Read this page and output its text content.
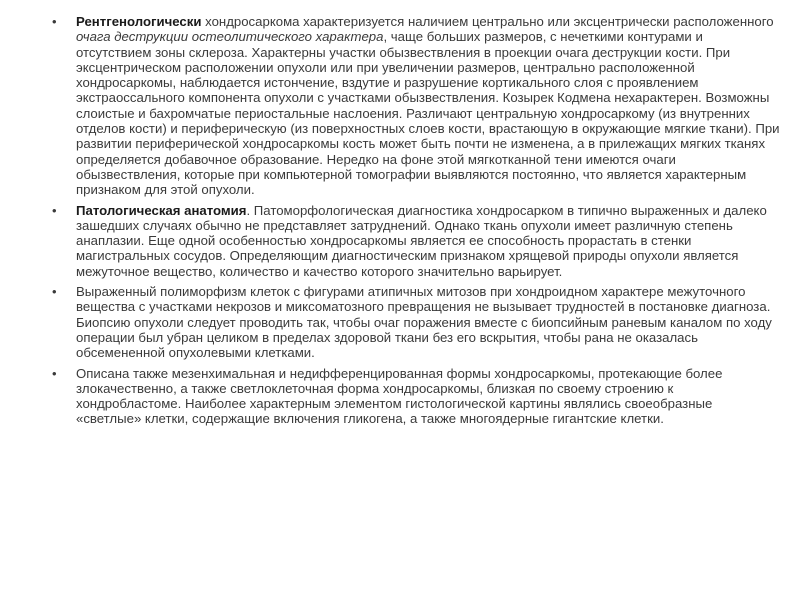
• Рентгенологически хондросаркома характеризуется наличием центрально или эксцентрически расположенного очага деструкции остеолитического характера, чаще больших размеров, с нечеткими контурами и отсутствием зоны склероза. Характерны участки обызвествления в проекции очага деструкции кости. При эксцентрическом расположении опухоли или при увеличении размеров, центрально расположенной хондросаркомы, наблюдается истончение, вздутие и разрушение кортикального слоя с проявлением экстраоссального компонента опухоли с участками обызвествления. Козырек Кодмена нехарактерен. Возможны слоистые и бахромчатые периостальные наслоения. Различают центральную хондросаркому (из внутренних отделов кости) и периферическую (из поверхностных слоев кости, врастающую в окружающие мягкие ткани). При развитии периферической хондросаркомы кость может быть почти не изменена, а в прилежащих мягких тканях определяется добавочное образование. Нередко на фоне этой мягкотканной тени имеются очаги обызвествления, которые при компьютерной томографии выявляются постоянно, что является характерным признаком для этой опухоли.
• Патологическая анатомия. Патоморфологическая диагностика хондросарком в типично выраженных и далеко зашедших случаях обычно не представляет затруднений. Однако ткань опухоли имеет различную степень анаплазии. Еще одной особенностью хондросаркомы является ее способность прорастать в стенки магистральных сосудов. Определяющим диагностическим признаком хрящевой природы опухоли является межуточное вещество, количество и качество которого значительно варьирует.
• Выраженный полиморфизм клеток с фигурами атипичных митозов при хондроидном характере межуточного вещества с участками некрозов и миксоматозного превращения не вызывает трудностей в постановке диагноза. Биопсию опухоли следует проводить так, чтобы очаг поражения вместе с биопсийным раневым каналом по ходу операции был убран целиком в пределах здоровой ткани без его вскрытия, чтобы рана не оказалась обсемененной опухолевыми клетками.
• Описана также мезенхимальная и недифференцированная формы хондросаркомы, протекающие более злокачественно, а также светлоклеточная форма хондросаркомы, близкая по своему строению к хондробластоме. Наиболее характерным элементом гистологической картины являлись своеобразные «светлые» клетки, содержащие включения гликогена, а также многоядерные гигантские клетки.
